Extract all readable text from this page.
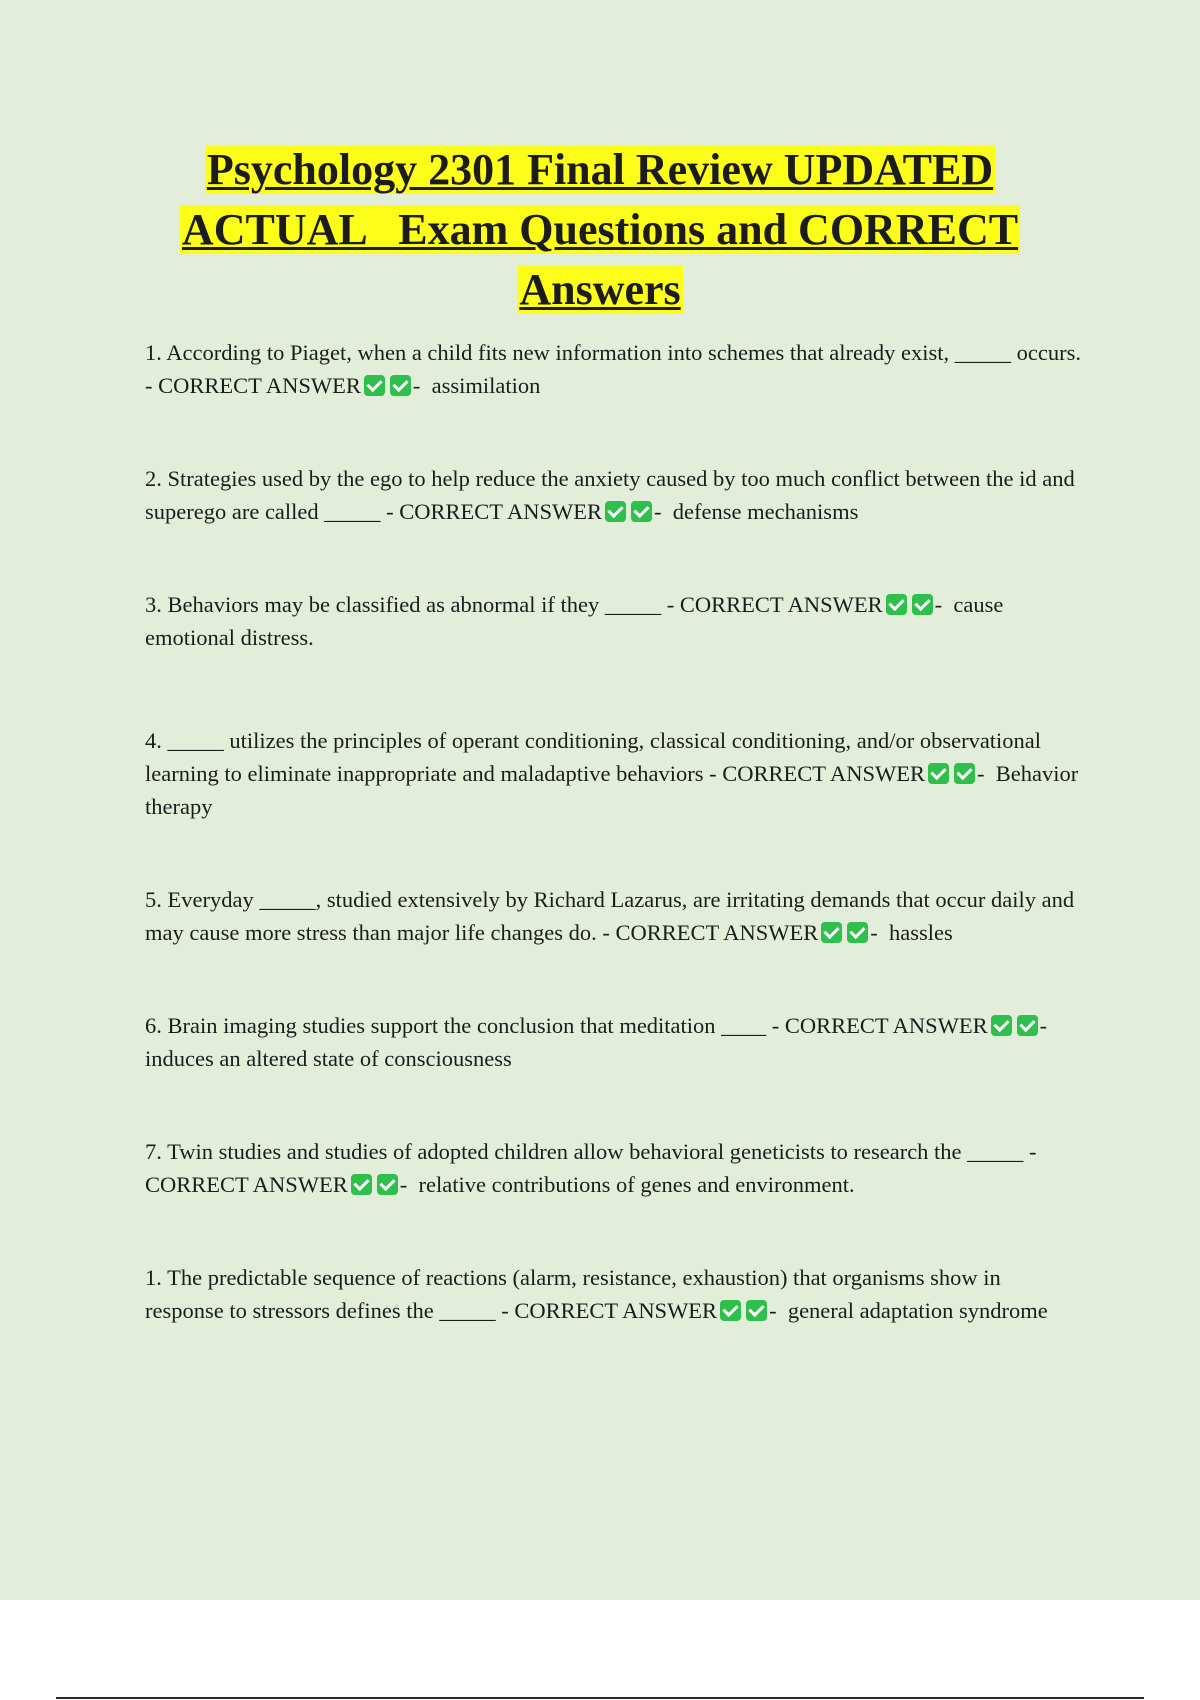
Psychology 2301 Final Review UPDATED
ACTUAL   Exam Questions and CORRECT
Answers

1. According to Piaget, when a child fits new information into schemes that already exist, _____ occurs. - CORRECT ANSWER -  assimilation

2. Strategies used by the ego to help reduce the anxiety caused by too much conflict between the id and superego are called _____ - CORRECT ANSWER -  defense mechanisms

3. Behaviors may be classified as abnormal if they _____ - CORRECT ANSWER -  cause emotional distress.

4. _____ utilizes the principles of operant conditioning, classical conditioning, and/or observational learning to eliminate inappropriate and maladaptive behaviors - CORRECT ANSWER -  Behavior therapy

5. Everyday _____, studied extensively by Richard Lazarus, are irritating demands that occur daily and may cause more stress than major life changes do. - CORRECT ANSWER -  hassles

6. Brain imaging studies support the conclusion that meditation ____ - CORRECT ANSWER -  induces an altered state of consciousness

7. Twin studies and studies of adopted children allow behavioral geneticists to research the _____ - CORRECT ANSWER -  relative contributions of genes and environment.

1. The predictable sequence of reactions (alarm, resistance, exhaustion) that organisms show in response to stressors defines the _____ - CORRECT ANSWER -  general adaptation syndrome
